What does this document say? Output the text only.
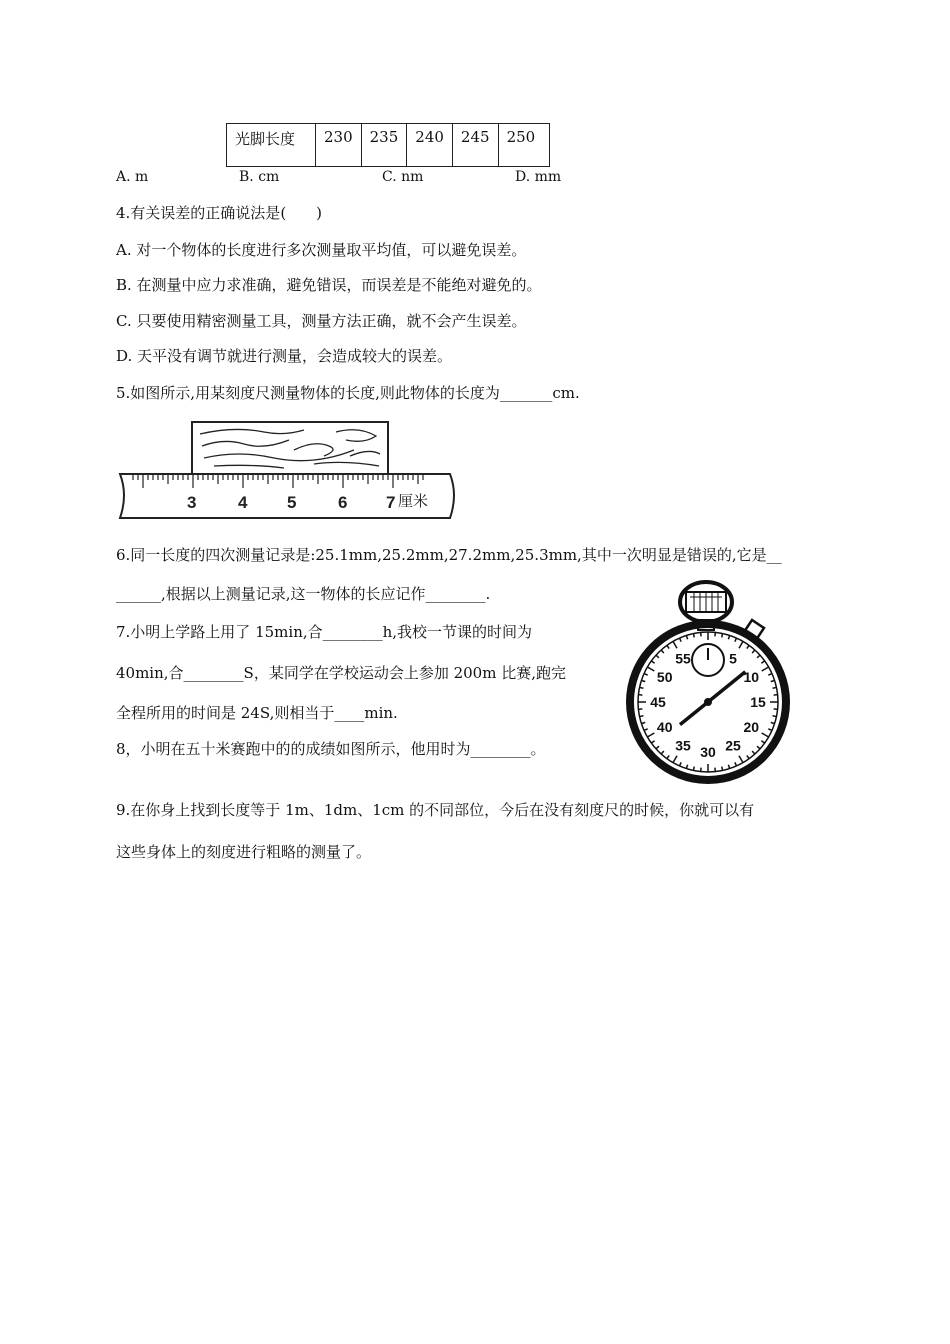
光脚长度	230	235	240	245	250
A. m	B. cm	C. nm	D. mm
4.有关误差的正确说法是(　　)
A. 对一个物体的长度进行多次测量取平均值，可以避免误差。
B. 在测量中应力求准确，避免错误，而误差是不能绝对避免的。
C. 只要使用精密测量工具，测量方法正确，就不会产生误差。
D. 天平没有调节就进行测量，会造成较大的误差。
5.如图所示,用某刻度尺测量物体的长度,则此物体的长度为_______cm.
3 4 5 6 7 厘米
6.同一长度的四次测量记录是:25.1mm,25.2mm,27.2mm,25.3mm,其中一次明显是错误的,它是__
______,根据以上测量记录,这一物体的长应记作________.
7.小明上学路上用了 15min,合________h,我校一节课的时间为
40min,合________S，某同学在学校运动会上参加 200m 比赛,跑完
全程所用的时间是 24S,则相当于____min.
8，小明在五十米赛跑中的的成绩如图所示，他用时为________。
5
10
15
20
25
30
35
40
45
50
55
9.在你身上找到长度等于 1m、1dm、1cm 的不同部位，今后在没有刻度尺的时候，你就可以有
这些身体上的刻度进行粗略的测量了。
